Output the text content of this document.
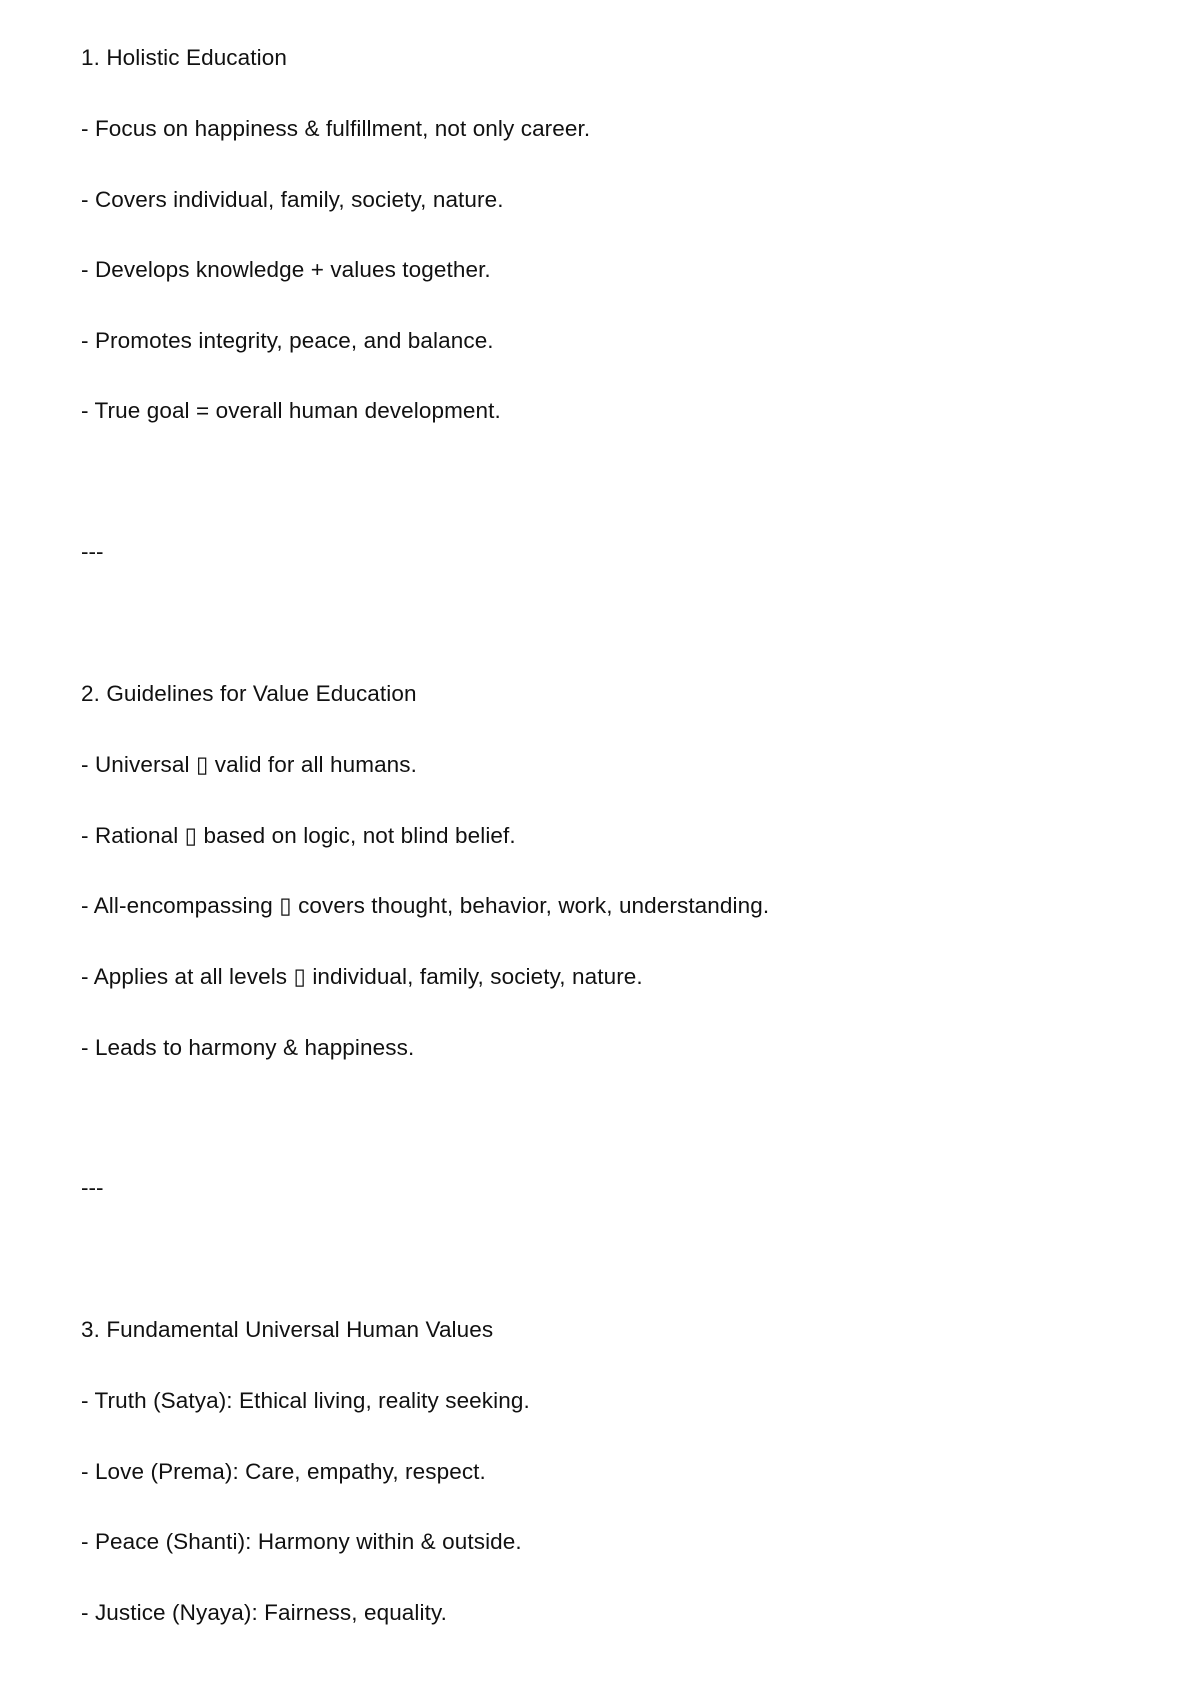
1. Holistic Education
- Focus on happiness & fulfillment, not only career.
- Covers individual, family, society, nature.
- Develops knowledge + values together.
- Promotes integrity, peace, and balance.
- True goal = overall human development.
---
2. Guidelines for Value Education
- Universal ▯ valid for all humans.
- Rational ▯ based on logic, not blind belief.
- All-encompassing ▯ covers thought, behavior, work, understanding.
- Applies at all levels ▯ individual, family, society, nature.
- Leads to harmony & happiness.
---
3. Fundamental Universal Human Values
- Truth (Satya): Ethical living, reality seeking.
- Love (Prema): Care, empathy, respect.
- Peace (Shanti): Harmony within & outside.
- Justice (Nyaya): Fairness, equality.
